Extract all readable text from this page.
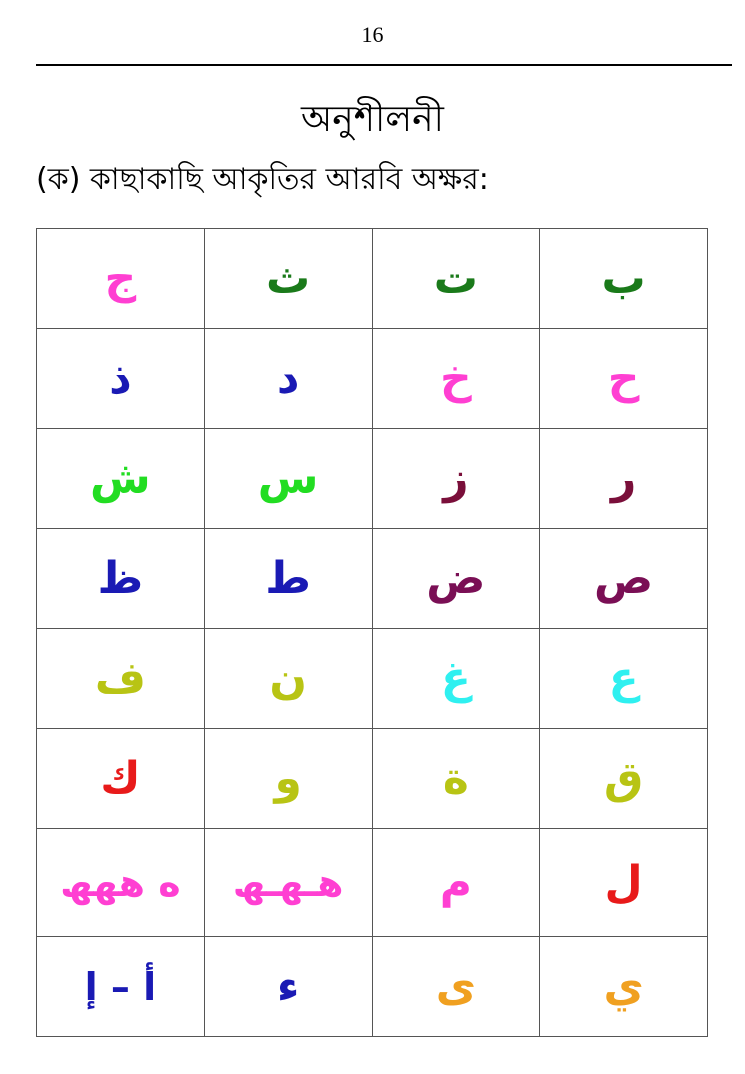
16
অনুশীলনী
(ক) কাছাকাছি আকৃতির আরবি অক্ষর:
ب	ت	ث	ج
ح	خ	د	ذ
ر	ز	س	ش
ص	ض	ط	ظ
ع	غ	ن	ف
ق	ة	و	ك
ل	م	ھـھـھ	ه ھھھ
ي	ى	ء	أ – إ
